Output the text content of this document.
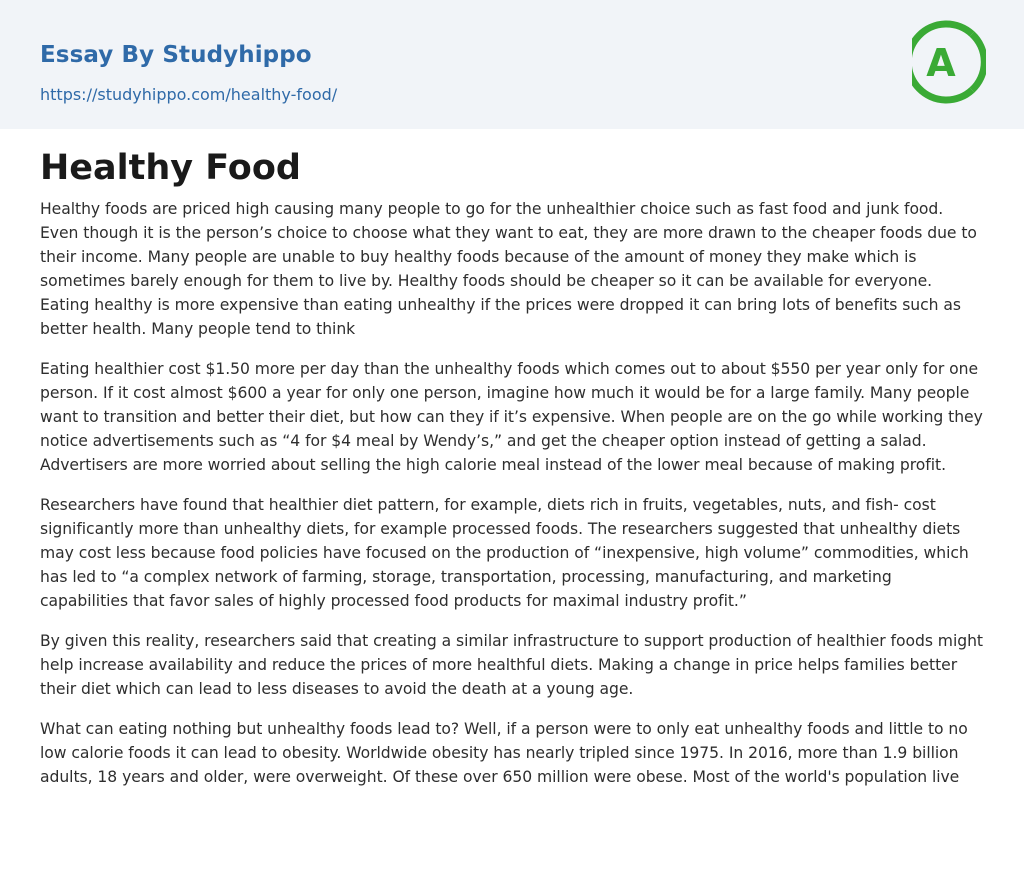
Essay By Studyhippo
https://studyhippo.com/healthy-food/
A
Healthy Food

Healthy foods are priced high causing many people to go for the unhealthier choice such as fast food and junk food. Even though it is the person’s choice to choose what they want to eat, they are more drawn to the cheaper foods due to their income. Many people are unable to buy healthy foods because of the amount of money they make which is sometimes barely enough for them to live by. Healthy foods should be cheaper so it can be available for everyone. Eating healthy is more expensive than eating unhealthy if the prices were dropped it can bring lots of benefits such as better health. Many people tend to think

Eating healthier cost $1.50 more per day than the unhealthy foods which comes out to about $550 per year only for one person. If it cost almost $600 a year for only one person, imagine how much it would be for a large family. Many people want to transition and better their diet, but how can they if it’s expensive. When people are on the go while working they notice advertisements such as “4 for $4 meal by Wendy’s,” and get the cheaper option instead of getting a salad. Advertisers are more worried about selling the high calorie meal instead of the lower meal because of making profit.

Researchers have found that healthier diet pattern, for example, diets rich in fruits, vegetables, nuts, and fish- cost significantly more than unhealthy diets, for example processed foods. The researchers suggested that unhealthy diets may cost less because food policies have focused on the production of “inexpensive, high volume” commodities, which has led to “a complex network of farming, storage, transportation, processing, manufacturing, and marketing capabilities that favor sales of highly processed food products for maximal industry profit.”

By given this reality, researchers said that creating a similar infrastructure to support production of healthier foods might help increase availability and reduce the prices of more healthful diets. Making a change in price helps families better their diet which can lead to less diseases to avoid the death at a young age.

What can eating nothing but unhealthy foods lead to? Well, if a person were to only eat unhealthy foods and little to no low calorie foods it can lead to obesity. Worldwide obesity has nearly tripled since 1975. In 2016, more than 1.9 billion adults, 18 years and older, were overweight. Of these over 650 million were obese. Most of the world's population live
